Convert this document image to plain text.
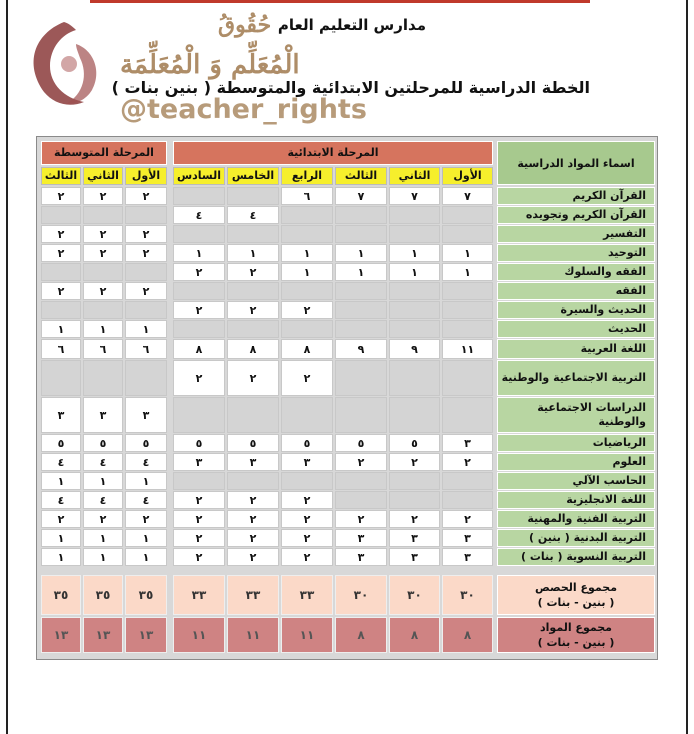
حُقُوقُ
الْمُعَلِّم وَ الْمُعَلِّمَة
@teacher_rights
مدارس التعليم العام
الخطة الدراسية للمرحلتين الابتدائية والمتوسطة ( بنين بنات )
اسماء المواد الدراسية
المرحلة الابتدائية
المرحلة المتوسطة
الأول
الثاني
الثالث
الرابع
الخامس
السادس
الأول
الثاني
الثالث
القرآن الكريم
٧
٧
٧
٦
٢
٢
٢
القرآن الكريم وتجويده
٤
٤
التفسير
٢
٢
٢
التوحيد
١
١
١
١
١
١
٢
٢
٢
الفقه والسلوك
١
١
١
١
٢
٢
الفقه
٢
٢
٢
الحديث والسيرة
٢
٢
٢
الحديث
١
١
١
اللغة العربية
١١
٩
٩
٨
٨
٨
٦
٦
٦
التربية الاجتماعية والوطنية
٢
٢
٢
الدراسات الاجتماعية والوطنية
٣
٣
٣
الرياضيات
٣
٥
٥
٥
٥
٥
٥
٥
٥
العلوم
٢
٢
٢
٣
٣
٣
٤
٤
٤
الحاسب الآلي
١
١
١
اللغة الانجليزية
٢
٢
٢
٤
٤
٤
التربية الفنية والمهنية
٢
٢
٢
٢
٢
٢
٢
٢
٢
التربية البدنية ( بنين )
٣
٣
٣
٢
٢
٢
١
١
١
التربية النسوية ( بنات )
٣
٣
٣
٢
٢
٢
١
١
١
مجموع الحصص
( بنين - بنات )
٣٠
٣٠
٣٠
٣٣
٣٣
٣٣
٣٥
٣٥
٣٥
مجموع المواد
( بنين - بنات )
٨
٨
٨
١١
١١
١١
١٣
١٣
١٣
